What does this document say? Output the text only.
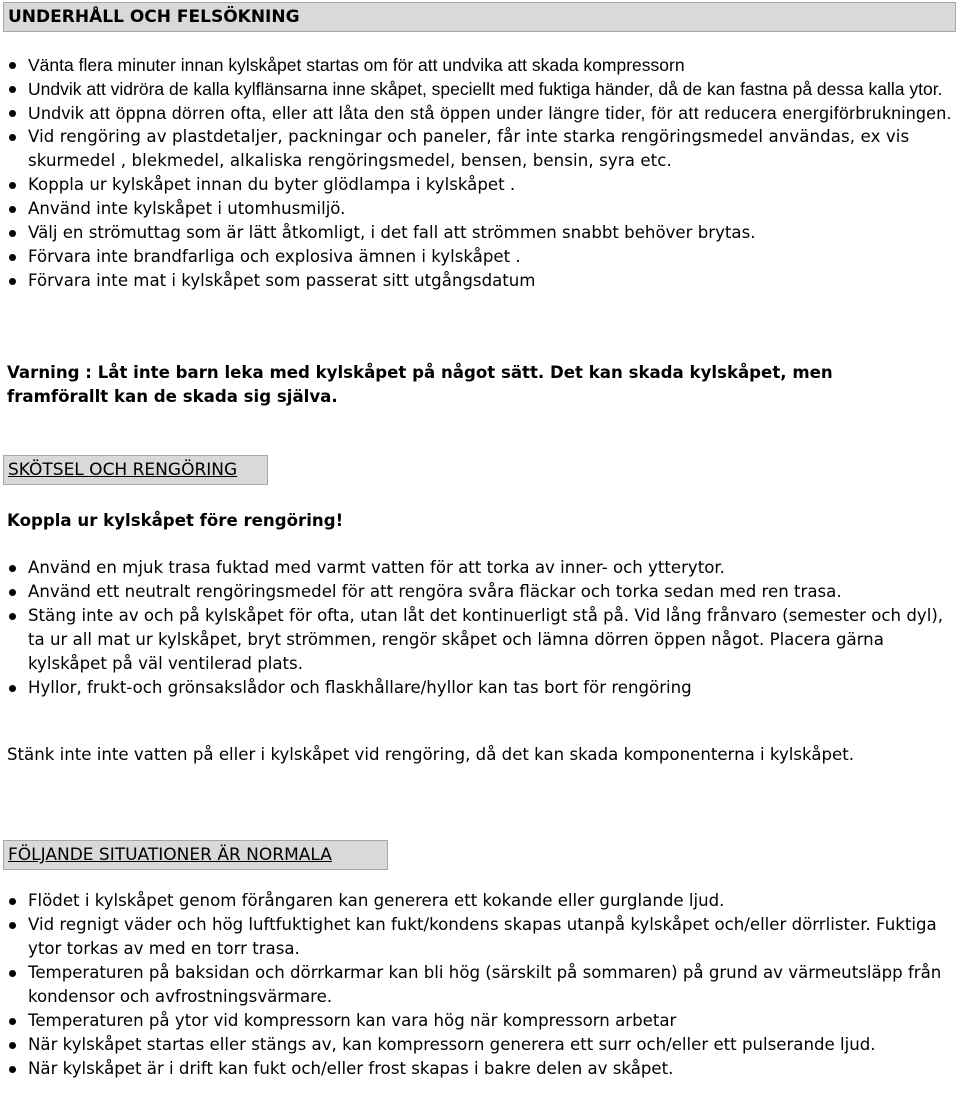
UNDERHÅLL OCH FELSÖKNING
Vänta flera minuter innan kylskåpet startas om för att undvika att skada kompressorn
Undvik att vidröra de kalla kylflänsarna inne skåpet, speciellt med fuktiga händer, då de kan fastna på dessa kalla ytor.
Undvik att öppna dörren ofta, eller att låta den stå öppen under längre tider, för att reducera energiförbrukningen.
Vid rengöring av plastdetaljer, packningar och paneler, får inte starka rengöringsmedel användas, ex vis skurmedel , blekmedel, alkaliska rengöringsmedel, bensen, bensin, syra etc.
Koppla ur kylskåpet innan du byter glödlampa i kylskåpet .
Använd inte kylskåpet i utomhusmiljö.
Välj en strömuttag som är lätt åtkomligt, i det fall att strömmen snabbt behöver brytas.
Förvara inte brandfarliga och explosiva ämnen i kylskåpet .
Förvara inte mat i kylskåpet som passerat sitt utgångsdatum
Varning : Låt inte barn leka med kylskåpet på något sätt. Det kan skada kylskåpet, men framförallt kan de skada sig själva.
SKÖTSEL OCH RENGÖRING
Koppla ur kylskåpet före rengöring!
Använd en mjuk trasa fuktad med varmt vatten för att torka av inner- och ytterytor.
Använd ett neutralt rengöringsmedel för att rengöra svåra fläckar och torka sedan med ren trasa.
Stäng inte av och på kylskåpet för ofta, utan låt det kontinuerligt stå på. Vid lång frånvaro (semester och dyl), ta ur all mat ur kylskåpet, bryt strömmen, rengör skåpet och lämna dörren öppen något. Placera gärna kylskåpet på väl ventilerad plats.
Hyllor, frukt-och grönsakslådor och flaskhållare/hyllor kan tas bort för rengöring
Stänk inte inte vatten på eller i kylskåpet vid rengöring, då det kan skada komponenterna i kylskåpet.
FÖLJANDE SITUATIONER ÄR NORMALA
Flödet i kylskåpet genom förångaren kan generera ett kokande eller gurglande ljud.
Vid regnigt väder och hög luftfuktighet kan fukt/kondens skapas utanpå kylskåpet och/eller dörrlister. Fuktiga ytor torkas av med en torr trasa.
Temperaturen på baksidan och dörrkarmar kan bli hög (särskilt på sommaren) på grund av värmeutsläpp från kondensor och avfrostningsvärmare.
Temperaturen på ytor vid kompressorn kan vara hög när kompressorn arbetar
När kylskåpet startas eller stängs av, kan kompressorn generera ett surr och/eller ett pulserande ljud.
När kylskåpet är i drift kan fukt och/eller frost skapas i bakre delen av skåpet.
